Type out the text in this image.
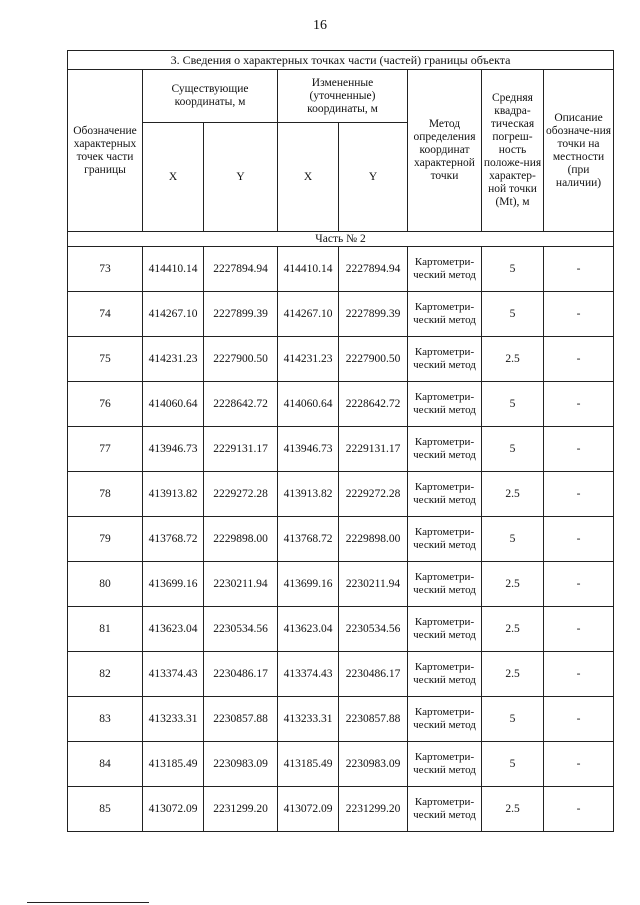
16
3. Сведения о характерных точках части (частей) границы объекта							
Обозначение характерных точек части границы	Существующие координаты, м		Измененные (уточненные) координаты, м		Метод определения координат характерной точки	Средняя квадра-тическая погреш-ность положе-ния характер-ной точки (Mt), м	Описание обозначе-ния точки на местности (при наличии)
	X	Y	X	Y			
Часть № 2							
73	414410.14	2227894.94	414410.14	2227894.94	Картометри-ческий метод	5	-
74	414267.10	2227899.39	414267.10	2227899.39	Картометри-ческий метод	5	-
75	414231.23	2227900.50	414231.23	2227900.50	Картометри-ческий метод	2.5	-
76	414060.64	2228642.72	414060.64	2228642.72	Картометри-ческий метод	5	-
77	413946.73	2229131.17	413946.73	2229131.17	Картометри-ческий метод	5	-
78	413913.82	2229272.28	413913.82	2229272.28	Картометри-ческий метод	2.5	-
79	413768.72	2229898.00	413768.72	2229898.00	Картометри-ческий метод	5	-
80	413699.16	2230211.94	413699.16	2230211.94	Картометри-ческий метод	2.5	-
81	413623.04	2230534.56	413623.04	2230534.56	Картометри-ческий метод	2.5	-
82	413374.43	2230486.17	413374.43	2230486.17	Картометри-ческий метод	2.5	-
83	413233.31	2230857.88	413233.31	2230857.88	Картометри-ческий метод	5	-
84	413185.49	2230983.09	413185.49	2230983.09	Картометри-ческий метод	5	-
85	413072.09	2231299.20	413072.09	2231299.20	Картометри-ческий метод	2.5	-
